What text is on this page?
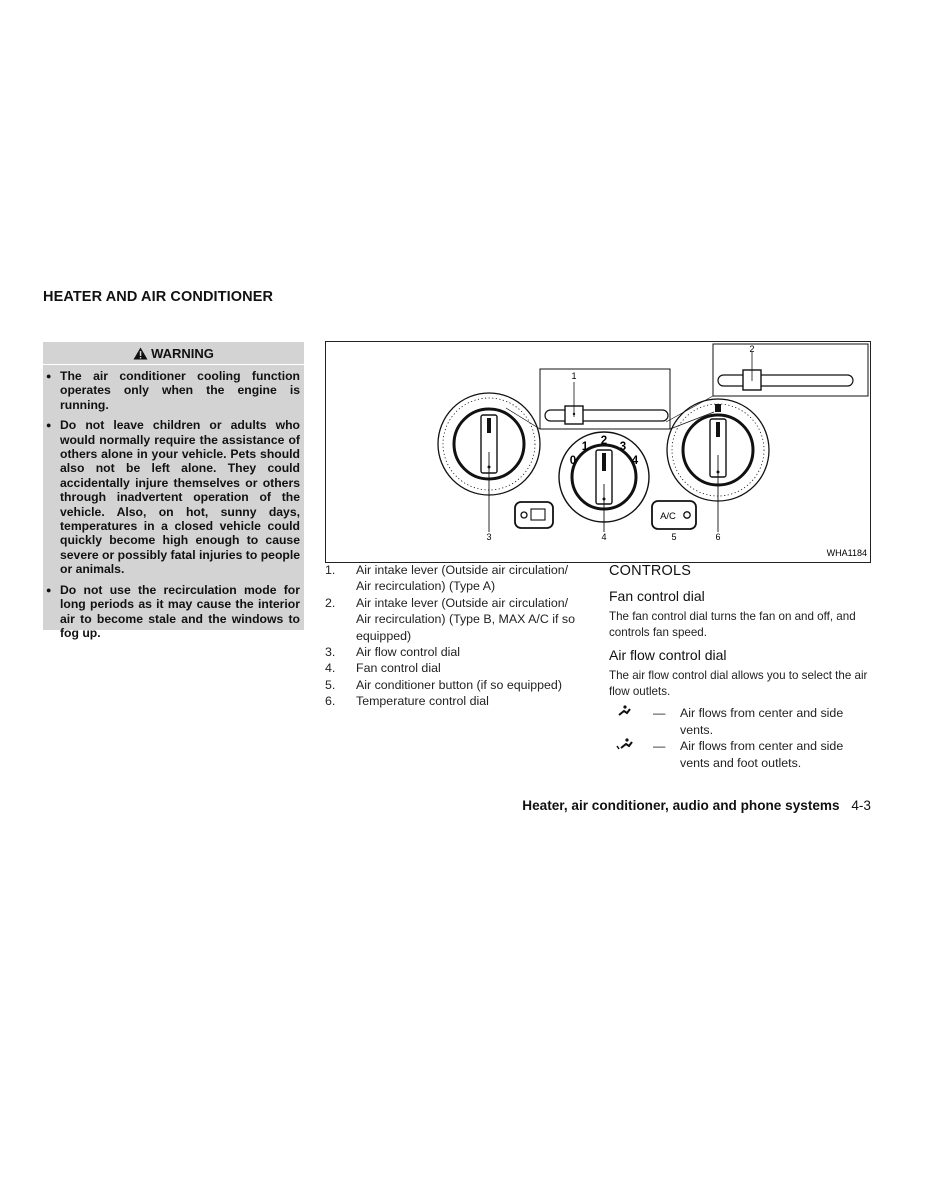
HEATER AND AIR CONDITIONER
WARNING
● The air conditioner cooling function operates only when the engine is running.
● Do not leave children or adults who would normally require the assistance of others alone in your vehicle. Pets should also not be left alone. They could accidentally injure themselves or others through inadvertent operation of the vehicle. Also, on hot, sunny days, temperatures in a closed vehicle could quickly become high enough to cause severe or possibly fatal injuries to people or animals.
● Do not use the recirculation mode for long periods as it may cause the interior air to become stale and the windows to fog up.
A/C
1
2
3	4	5	6
0
1 2 3
4
WHA1184
1. Air intake lever (Outside air circulation/ Air recirculation) (Type A)
2. Air intake lever (Outside air circulation/ Air recirculation) (Type B, MAX A/C if so equipped)
3. Air flow control dial
4. Fan control dial
5. Air conditioner button (if so equipped)
6. Temperature control dial
CONTROLS
Fan control dial

The fan control dial turns the fan on and off, and controls fan speed.

Air flow control dial

The air flow control dial allows you to select the air flow outlets.

— Air flows from center and side vents.
— Air flows from center and side vents and foot outlets.
Heater, air conditioner, audio and phone systems 4-3
